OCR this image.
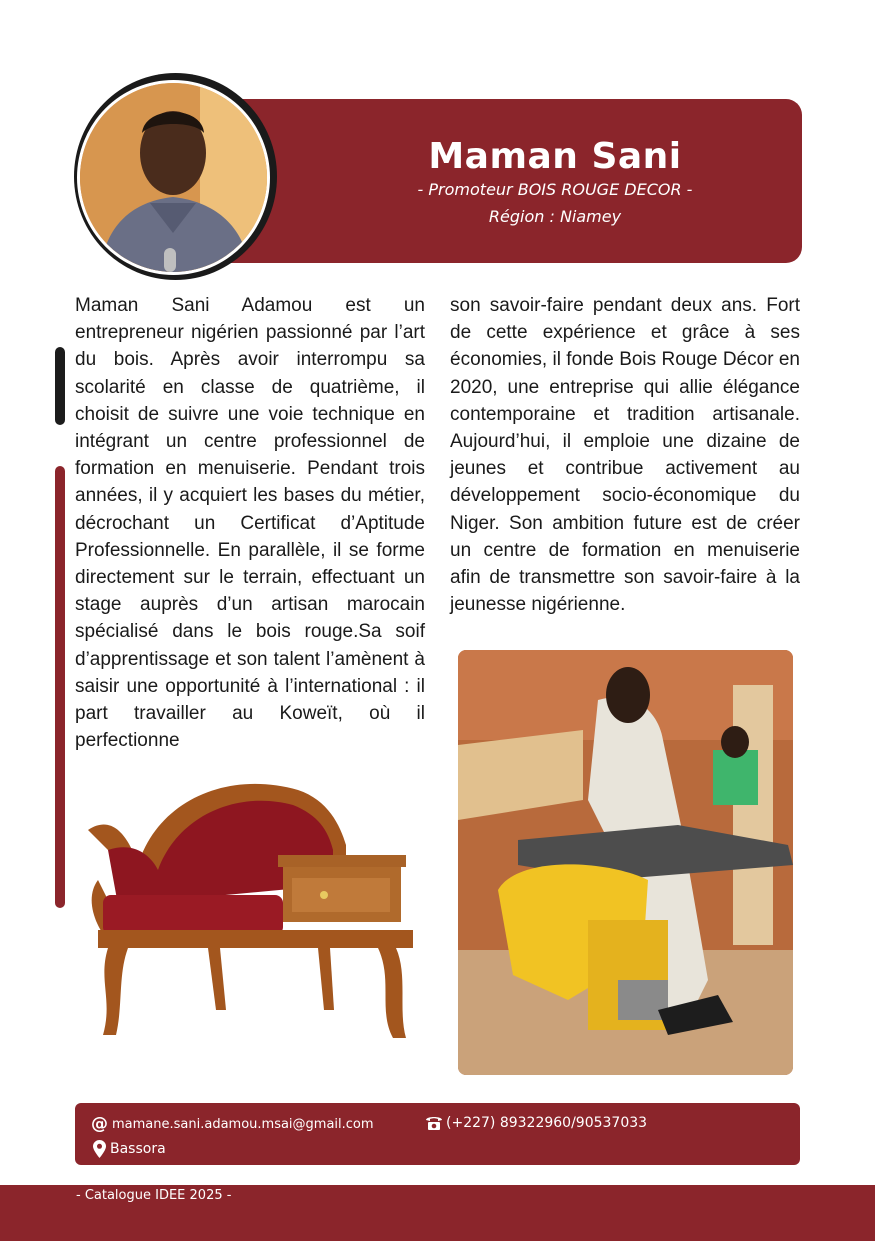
Maman Sani
- Promoteur BOIS ROUGE DECOR -
Région : Niamey
Maman Sani Adamou est un entrepreneur nigérien passionné par l’art du bois. Après avoir interrompu sa scolarité en classe de quatrième, il choisit de suivre une voie technique en intégrant un centre professionnel de formation en menuiserie. Pendant trois années, il y acquiert les bases du métier, décrochant un Certificat d’Aptitude Professionnelle. En parallèle, il se forme directement sur le terrain, effectuant un stage auprès d’un artisan marocain spécialisé dans le bois rouge.Sa soif d’apprentissage et son talent l’amènent à saisir une opportunité à l’international : il part travailler au Koweït, où il perfectionne
son savoir-faire pendant deux ans. Fort de cette expérience et grâce à ses économies, il fonde Bois Rouge Décor en 2020, une entreprise qui allie élégance contemporaine et tradition artisanale. Aujourd’hui, il emploie une dizaine de jeunes et contribue activement au développement socio-économique du Niger. Son ambition future est de créer un centre de formation en menuiserie afin de transmettre son savoir-faire à la jeunesse nigérienne.
@ mamane.sani.adamou.msai@gmail.com	(+227) 89322960/90537033
Bassora
- Catalogue IDEE 2025 -
